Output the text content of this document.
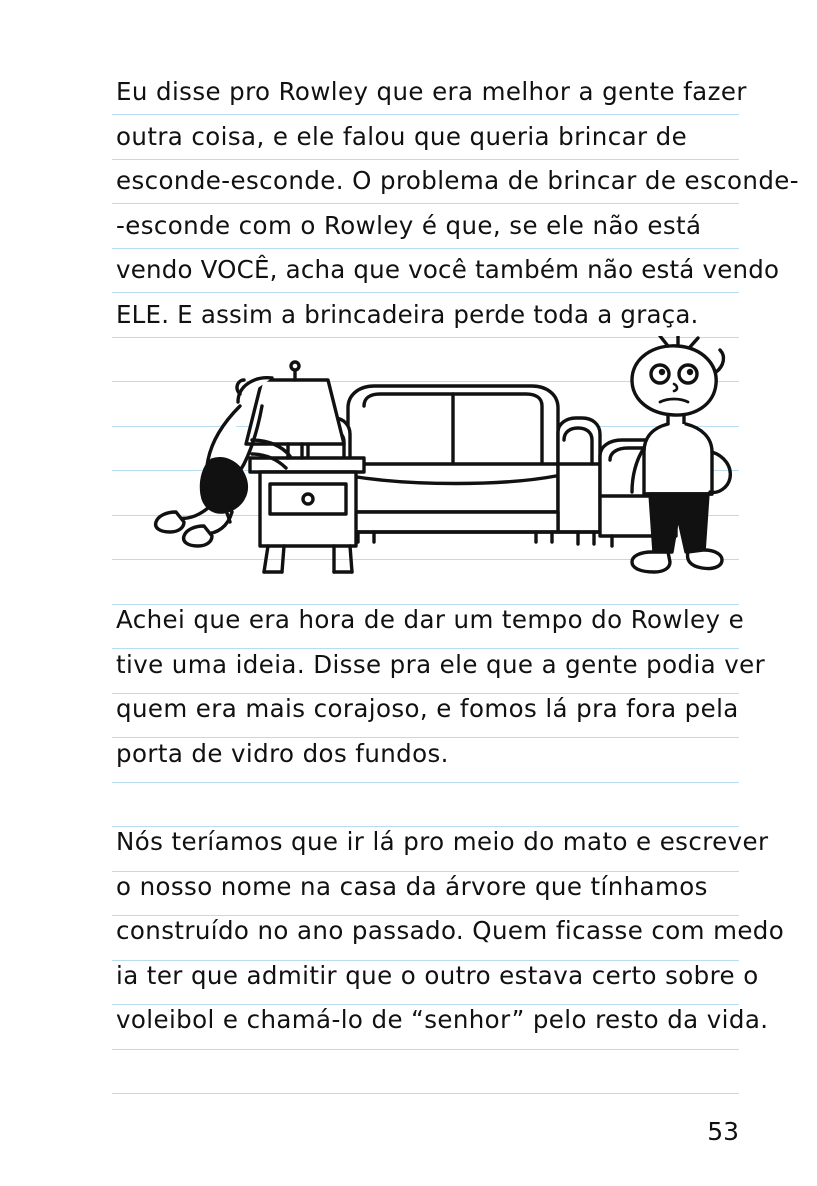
Eu disse pro Rowley que era melhor a gente fazer
outra coisa, e ele falou que queria brincar de
esconde-esconde. O problema de brincar de esconde-
-esconde com o Rowley é que, se ele não está
vendo VOCÊ, acha que você também não está vendo
ELE. E assim a brincadeira perde toda a graça.
Achei que era hora de dar um tempo do Rowley e
tive uma ideia. Disse pra ele que a gente podia ver
quem era mais corajoso, e fomos lá pra fora pela
porta de vidro dos fundos.
Nós teríamos que ir lá pro meio do mato e escrever
o nosso nome na casa da árvore que tínhamos
construído no ano passado. Quem ficasse com medo
ia ter que admitir que o outro estava certo sobre o
voleibol e chamá-lo de “senhor” pelo resto da vida.
53
